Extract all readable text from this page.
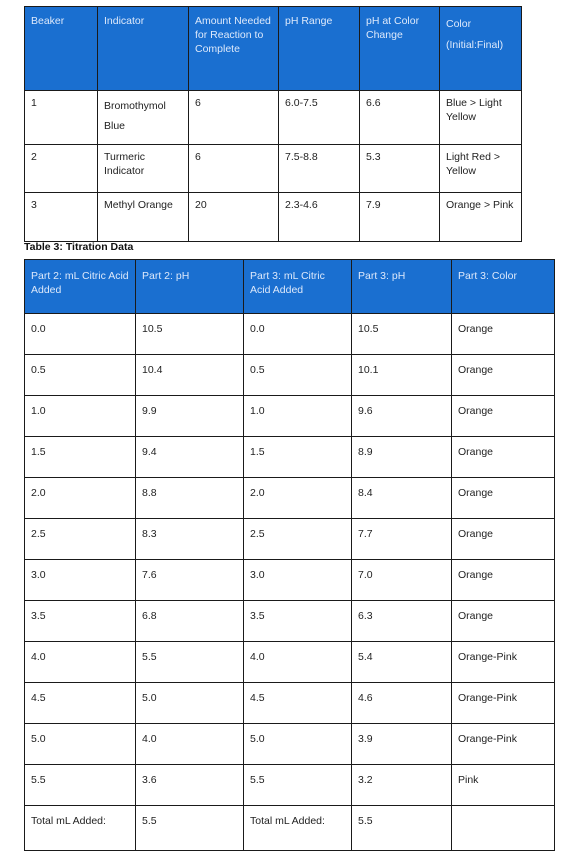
Beaker	Indicator	Amount Needed for Reaction to Complete	pH Range	pH at Color Change	Color (Initial:Final)

1	Bromothymol Blue	6	6.0-7.5	6.6	Blue > Light Yellow
2	Turmeric Indicator	6	7.5-8.8	5.3	Light Red > Yellow
3	Methyl Orange	20	2.3-4.6	7.9	Orange > Pink
Table 3: Titration Data
Part 2: mL Citric Acid Added	Part 2: pH	Part 3: mL Citric Acid Added	Part 3: pH	Part 3: Color
0.0	10.5	0.0	10.5	Orange
0.5	10.4	0.5	10.1	Orange
1.0	9.9	1.0	9.6	Orange
1.5	9.4	1.5	8.9	Orange
2.0	8.8	2.0	8.4	Orange
2.5	8.3	2.5	7.7	Orange
3.0	7.6	3.0	7.0	Orange
3.5	6.8	3.5	6.3	Orange
4.0	5.5	4.0	5.4	Orange-Pink
4.5	5.0	4.5	4.6	Orange-Pink
5.0	4.0	5.0	3.9	Orange-Pink
5.5	3.6	5.5	3.2	Pink
Total mL Added:	5.5	Total mL Added:	5.5	
